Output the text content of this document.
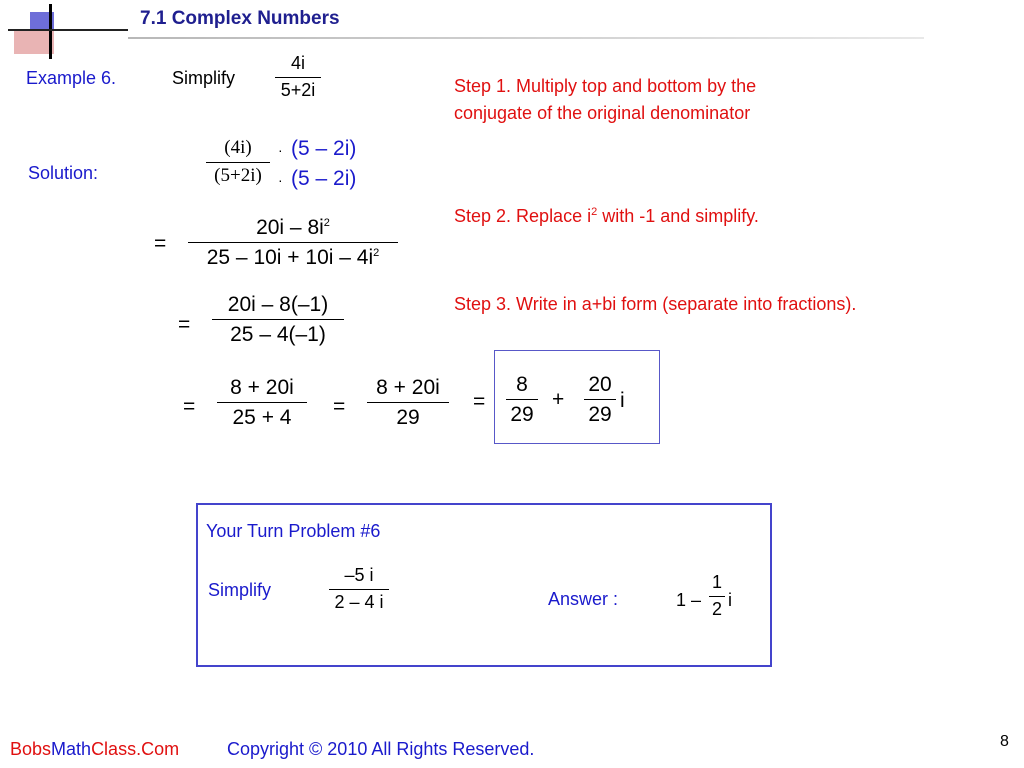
7.1 Complex Numbers
Example 6.	Simplify
4i
5+2i
Solution:
Step 1. Multiply top and bottom by the
conjugate of the original denominator
Step 2. Replace $i^2$ with -1 and simplify.
Step 3. Write in a+bi form (separate into fractions).
(4i)
(5+2i)
·
·
(5 – 2i)
(5 – 2i)
=
$20i - 8i^2$
$25 - 10i + 10i - 4i^2$
=
20i – 8(–1)
25 – 4(–1)
=
8 + 20i
25 + 4 =
8 + 20i
29
=
8
29
+
20
29
i
Your Turn Problem #6
Simplify
–5 i
2 – 4 i	Answer :	1 –
1
2 i
BobsMathClass.Com	Copyright © 2010 All Rights Reserved.	8
